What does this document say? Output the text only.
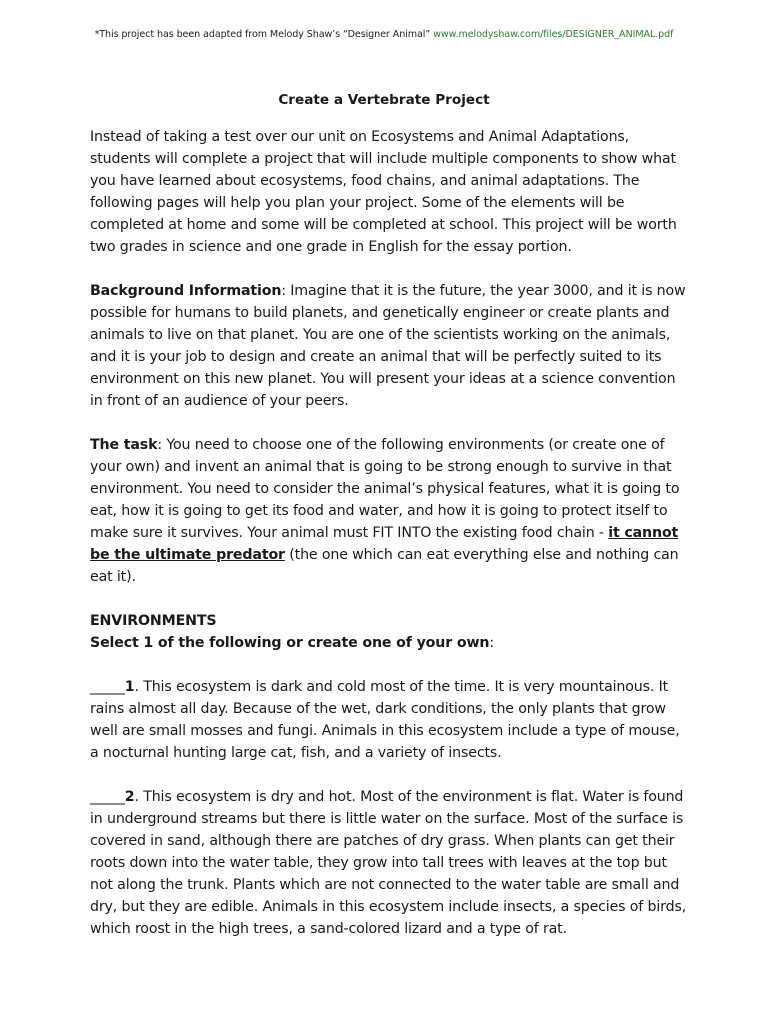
*This project has been adapted from Melody Shaw’s “Designer Animal” www.melodyshaw.com/files/DESIGNER_ANIMAL.pdf
Create a Vertebrate Project

Instead of taking a test over our unit on Ecosystems and Animal Adaptations, students will complete a project that will include multiple components to show what you have learned about ecosystems, food chains, and animal adaptations. The following pages will help you plan your project. Some of the elements will be completed at home and some will be completed at school. This project will be worth two grades in science and one grade in English for the essay portion.

Background Information: Imagine that it is the future, the year 3000, and it is now possible for humans to build planets, and genetically engineer or create plants and animals to live on that planet. You are one of the scientists working on the animals, and it is your job to design and create an animal that will be perfectly suited to its environment on this new planet. You will present your ideas at a science convention in front of an audience of your peers.

The task: You need to choose one of the following environments (or create one of your own) and invent an animal that is going to be strong enough to survive in that environment. You need to consider the animal’s physical features, what it is going to eat, how it is going to get its food and water, and how it is going to protect itself to make sure it survives. Your animal must FIT INTO the existing food chain - it cannot be the ultimate predator (the one which can eat everything else and nothing can eat it).

ENVIRONMENTS

Select 1 of the following or create one of your own:

_____1. This ecosystem is dark and cold most of the time. It is very mountainous. It rains almost all day. Because of the wet, dark conditions, the only plants that grow well are small mosses and fungi. Animals in this ecosystem include a type of mouse, a nocturnal hunting large cat, fish, and a variety of insects.

_____2. This ecosystem is dry and hot. Most of the environment is flat. Water is found in underground streams but there is little water on the surface. Most of the surface is covered in sand, although there are patches of dry grass. When plants can get their roots down into the water table, they grow into tall trees with leaves at the top but not along the trunk. Plants which are not connected to the water table are small and dry, but they are edible. Animals in this ecosystem include insects, a species of birds, which roost in the high trees, a sand-colored lizard and a type of rat.
